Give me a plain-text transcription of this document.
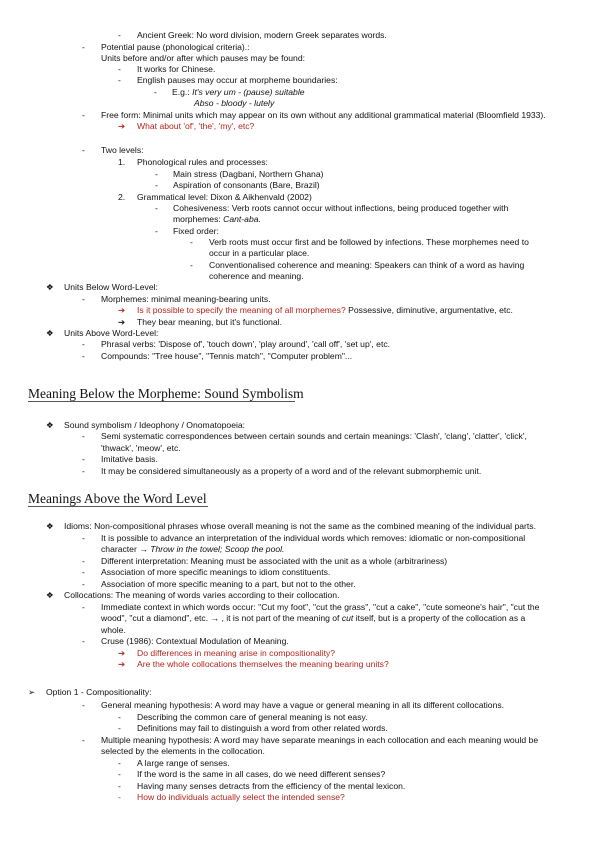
- Ancient Greek: No word division, modern Greek separates words.
- Potential pause (phonological criteria).:
Units before and/or after which pauses may be found:
- It works for Chinese.
- English pauses may occur at morpheme boundaries:
- E.g.: It's very um - (pause) suitable
Abso - bloody - lutely
- Free form: Minimal units which may appear on its own without any additional grammatical material (Bloomfield 1933).
➔ What about 'of', 'the', 'my', etc?
- Two levels:
1. Phonological rules and processes:
- Main stress (Dagbani, Northern Ghana)
- Aspiration of consonants (Bare, Brazil)
2. Grammatical level: Dixon & Aikhenvald (2002)
- Cohesiveness: Verb roots cannot occur without inflections, being produced together with
morphemes: Cant-aba.
- Fixed order:
- Verb roots must occur first and be followed by infections. These morphemes need to
occur in a particular place.
- Conventionalised coherence and meaning: Speakers can think of a word as having
coherence and meaning.
❖ Units Below Word-Level:
- Morphemes: minimal meaning-bearing units.
➔ Is it possible to specify the meaning of all morphemes? Possessive, diminutive, argumentative, etc.
➔ They bear meaning, but it's functional.
❖ Units Above Word-Level:
- Phrasal verbs: 'Dispose of', 'touch down', 'play around', 'call off', 'set up', etc.
- Compounds: "Tree house", "Tennis match", "Computer problem"...
Meaning Below the Morpheme: Sound Symbolism
❖ Sound symbolism / Ideophony / Onomatopoeia:
- Semi systematic correspondences between certain sounds and certain meanings: 'Clash', 'clang', 'clatter', 'click',
'thwack', 'meow', etc.
- Imitative basis.
- It may be considered simultaneously as a property of a word and of the relevant submorphemic unit.
Meanings Above the Word Level
❖ Idioms: Non-compositional phrases whose overall meaning is not the same as the combined meaning of the individual parts.
- It is possible to advance an interpretation of the individual words which removes: idiomatic or non-compositional
character → Throw in the towel; Scoop the pool.
- Different interpretation: Meaning must be associated with the unit as a whole (arbitrariness)
- Association of more specific meanings to idiom constituents.
- Association of more specific meaning to a part, but not to the other.
❖ Collocations: The meaning of words varies according to their collocation.
- Immediate context in which words occur: "Cut my foot", "cut the grass", "cut a cake", "cute someone's hair", "cut the
wood", "cut a diamond", etc. → , it is not part of the meaning of cut itself, but is a property of the collocation as a
whole.
- Cruse (1986): Contextual Modulation of Meaning.
➔ Do differences in meaning arise in compositionality?
➔ Are the whole collocations themselves the meaning bearing units?
➢ Option 1 - Compositionality:
- General meaning hypothesis: A word may have a vague or general meaning in all its different collocations.
- Describing the common care of general meaning is not easy.
- Definitions may fail to distinguish a word from other related words.
- Multiple meaning hypothesis: A word may have separate meanings in each collocation and each meaning would be
selected by the elements in the collocation.
- A large range of senses.
- If the word is the same in all cases, do we need different senses?
- Having many senses detracts from the efficiency of the mental lexicon.
- How do individuals actually select the intended sense?
